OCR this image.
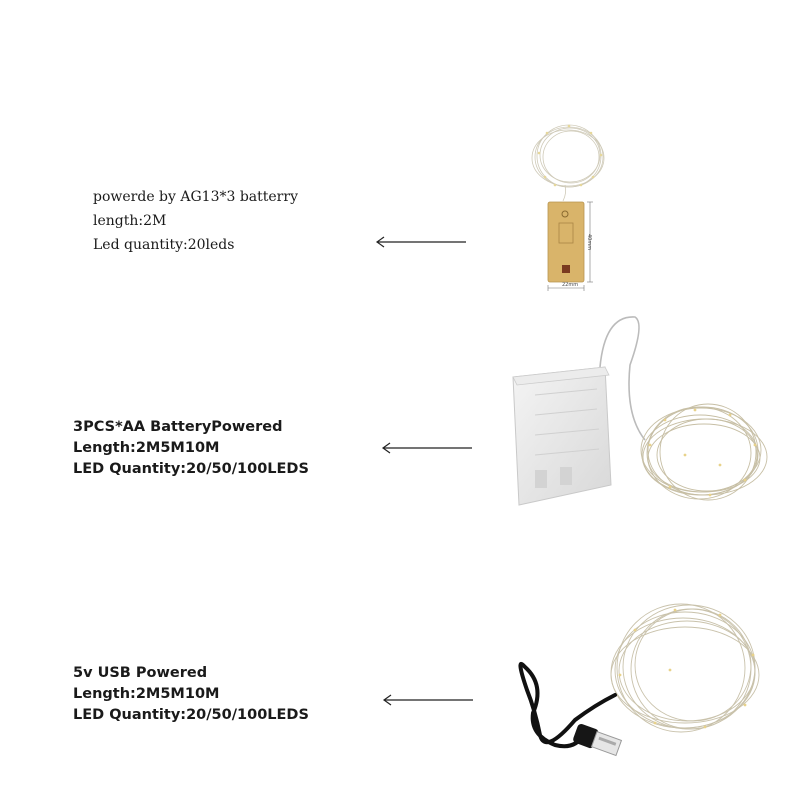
powerde by AG13*3 batterry
length:2M
Led quantity:20leds
3PCS*AA BatteryPowered
Length:2M5M10M
LED Quantity:20/50/100LEDS
5v USB Powered
Length:2M5M10M
LED Quantity:20/50/100LEDS
40mm
22mm
